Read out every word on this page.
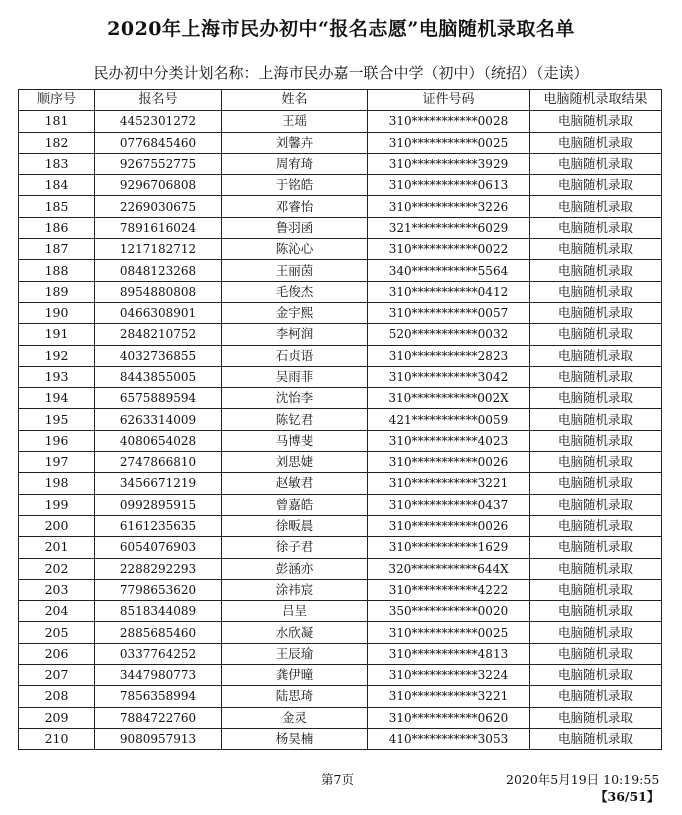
2020年上海市民办初中“报名志愿”电脑随机录取名单
民办初中分类计划名称：上海市民办嘉一联合中学（初中）（统招）（走读）
顺序号	报名号	姓名	证件号码	电脑随机录取结果
181	4452301272	王瑶	310***********0028	电脑随机录取
182	0776845460	刘馨卉	310***********0025	电脑随机录取
183	9267552775	周宥琦	310***********3929	电脑随机录取
184	9296706808	于铭皓	310***********0613	电脑随机录取
185	2269030675	邓睿怡	310***********3226	电脑随机录取
186	7891616024	鲁羽函	321***********6029	电脑随机录取
187	1217182712	陈沁心	310***********0022	电脑随机录取
188	0848123268	王丽茵	340***********5564	电脑随机录取
189	8954880808	毛俊杰	310***********0412	电脑随机录取
190	0466308901	金宇熙	310***********0057	电脑随机录取
191	2848210752	李柯润	520***********0032	电脑随机录取
192	4032736855	石贞语	310***********2823	电脑随机录取
193	8443855005	吴雨菲	310***********3042	电脑随机录取
194	6575889594	沈怡李	310***********002X	电脑随机录取
195	6263314009	陈钇君	421***********0059	电脑随机录取
196	4080654028	马博斐	310***********4023	电脑随机录取
197	2747866810	刘思婕	310***********0026	电脑随机录取
198	3456671219	赵敏君	310***********3221	电脑随机录取
199	0992895915	曾嘉皓	310***********0437	电脑随机录取
200	6161235635	徐畈晨	310***********0026	电脑随机录取
201	6054076903	徐子君	310***********1629	电脑随机录取
202	2288292293	彭涵亦	320***********644X	电脑随机录取
203	7798653620	涂祎宸	310***********4222	电脑随机录取
204	8518344089	吕呈	350***********0020	电脑随机录取
205	2885685460	水欣凝	310***********0025	电脑随机录取
206	0337764252	王辰瑜	310***********4813	电脑随机录取
207	3447980773	龚伊曈	310***********3224	电脑随机录取
208	7856358994	陆思琦	310***********3221	电脑随机录取
209	7884722760	金灵	310***********0620	电脑随机录取
210	9080957913	杨昊楠	410***********3053	电脑随机录取
第7页	2020年5月19日 10:19:55
【36/51】
